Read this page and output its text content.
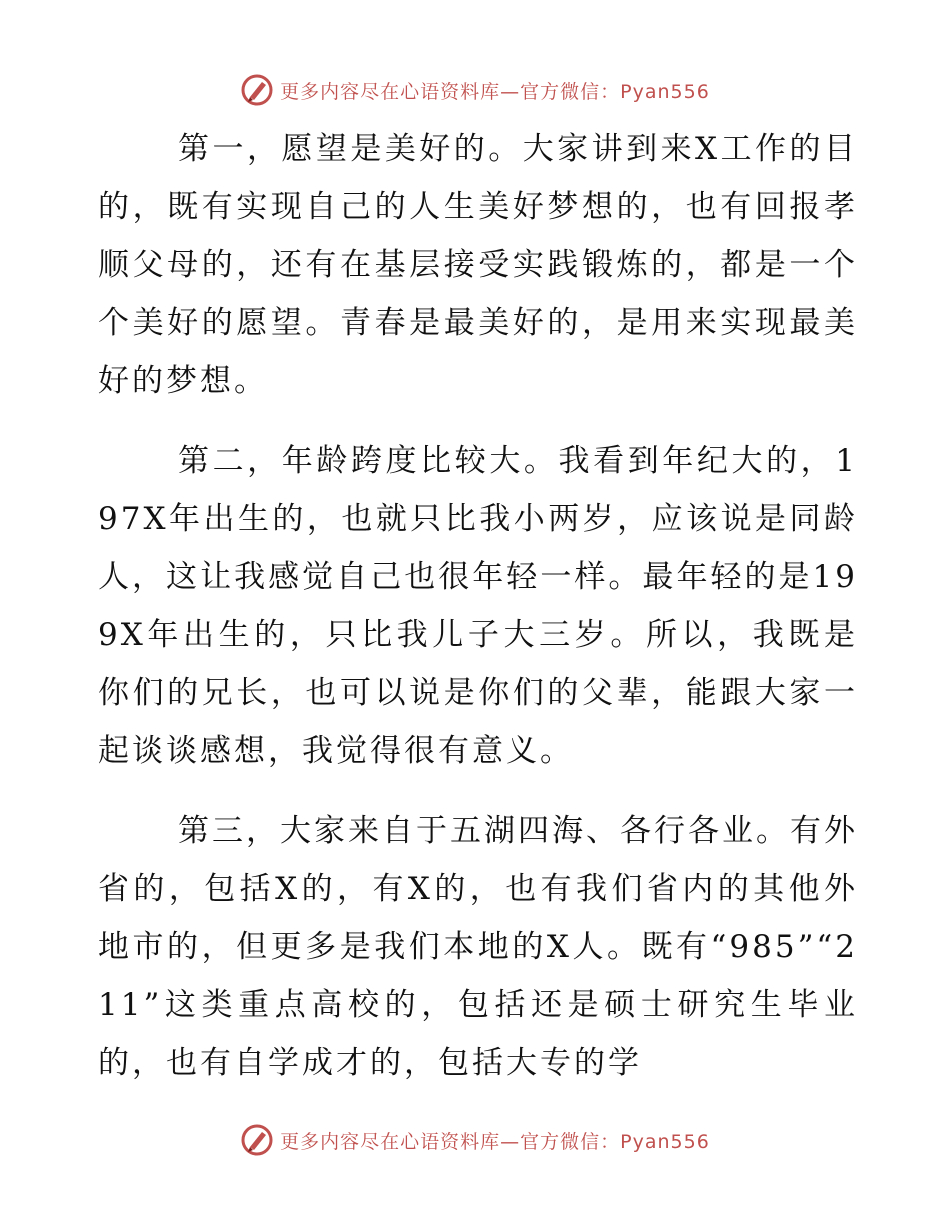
更多内容尽在心语资料库—官方微信：Pyan556

第一，愿望是美好的。大家讲到来X工作的目的，既有实现自己的人生美好梦想的，也有回报孝顺父母的，还有在基层接受实践锻炼的，都是一个个美好的愿望。青春是最美好的，是用来实现最美好的梦想。

第二，年龄跨度比较大。我看到年纪大的，197X年出生的，也就只比我小两岁，应该说是同龄人，这让我感觉自己也很年轻一样。最年轻的是199X年出生的，只比我儿子大三岁。所以，我既是你们的兄长，也可以说是你们的父辈，能跟大家一起谈谈感想，我觉得很有意义。

第三，大家来自于五湖四海、各行各业。有外省的，包括X的，有X的，也有我们省内的其他外地市的，但更多是我们本地的X人。既有“985”“211”这类重点高校的，包括还是硕士研究生毕业的，也有自学成才的，包括大专的学

更多内容尽在心语资料库—官方微信：Pyan556
